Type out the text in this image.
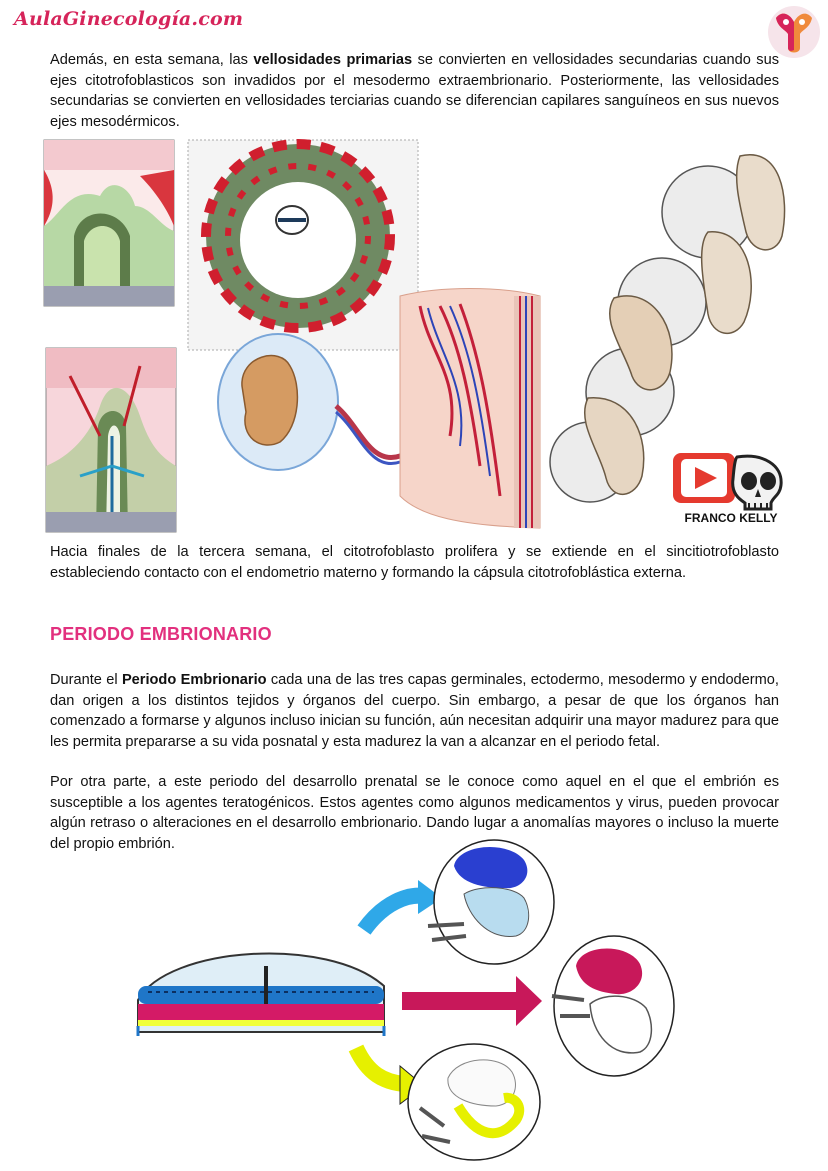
AulaGinecología.com

Además, en esta semana, las vellosidades primarias se convierten en vellosidades secundarias cuando sus ejes citotrofoblasticos son invadidos por el mesodermo extraembrionario. Posteriormente, las vellosidades secundarias se convierten en vellosidades terciarias cuando se diferencian capilares sanguíneos en sus nuevos ejes mesodérmicos.

FRANCO KELLY

Hacia finales de la tercera semana, el citotrofoblasto prolifera y se extiende en el sincitiotrofoblasto estableciendo contacto con el endometrio materno y formando la cápsula citotrofoblástica externa.

PERIODO EMBRIONARIO

Durante el Periodo Embrionario cada una de las tres capas germinales, ectodermo, mesodermo y endodermo, dan origen a los distintos tejidos y órganos del cuerpo. Sin embargo, a pesar de que los órganos han comenzado a formarse y algunos incluso inician su función, aún necesitan adquirir una mayor madurez para que les permita prepararse a su vida posnatal y esta madurez la van a alcanzar en el periodo fetal.

Por otra parte, a este periodo del desarrollo prenatal se le conoce como aquel en el que el embrión es susceptible a los agentes teratogénicos. Estos agentes como algunos medicamentos y virus, pueden provocar algún retraso o alteraciones en el desarrollo embrionario. Dando lugar a anomalías mayores o incluso la muerte del propio embrión.
